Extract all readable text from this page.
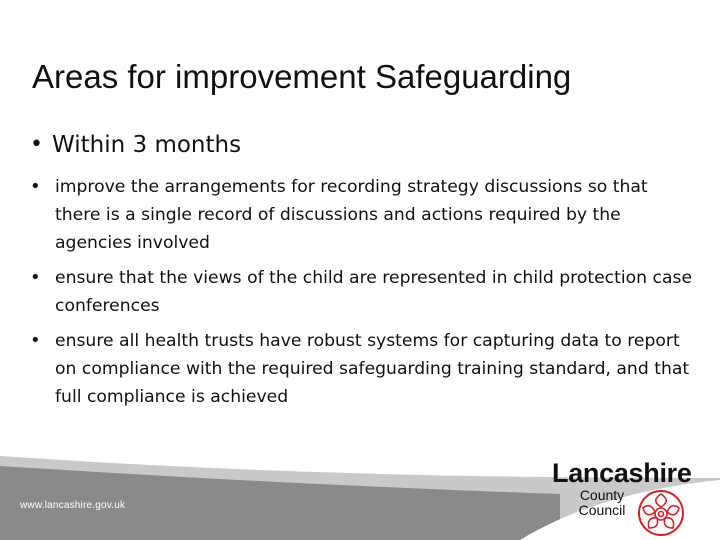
Areas for improvement Safeguarding
• Within 3 months
• improve the arrangements for recording strategy discussions so that there is a single record of discussions and actions required by the agencies involved
• ensure that the views of the child are represented in child protection case conferences
• ensure all health trusts have robust systems for capturing data to report on compliance with the required safeguarding training standard, and that full compliance is achieved
www.lancashire.gov.uk
Lancashire
County
Council
